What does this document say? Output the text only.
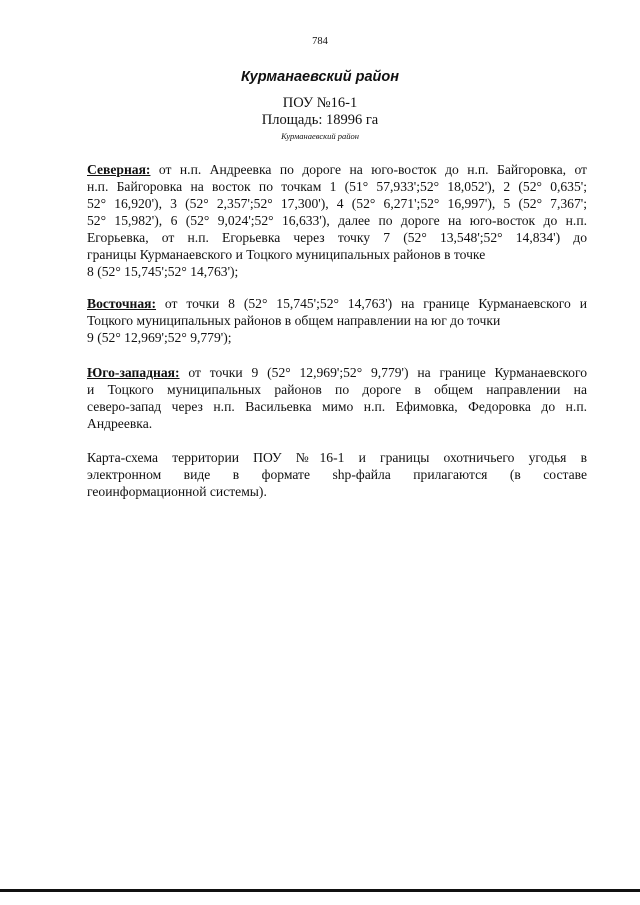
784
Курманаевский район
ПОУ №16-1
Площадь: 18996 га
Курманаевский район
Северная: от н.п. Андреевка по дороге на юго-восток до н.п. Байгоровка, от
н.п. Байгоровка на восток по точкам 1 (51° 57,933';52° 18,052'), 2 (52° 0,635';
52° 16,920'), 3 (52° 2,357';52° 17,300'), 4 (52° 6,271';52° 16,997'), 5 (52° 7,367';
52° 15,982'), 6 (52° 9,024';52° 16,633'), далее по дороге на юго-восток до н.п.
Егорьевка, от н.п. Егорьевка через точку 7 (52° 13,548';52° 14,834') до
границы Курманаевского и Тоцкого муниципальных районов в точке
8 (52° 15,745';52° 14,763');
Восточная: от точки 8 (52° 15,745';52° 14,763') на границе Курманаевского и
Тоцкого муниципальных районов в общем направлении на юг до точки
9 (52° 12,969';52° 9,779');
Юго-западная: от точки 9 (52° 12,969';52° 9,779') на границе Курманаевского
и Тоцкого муниципальных районов по дороге в общем направлении на
северо-запад через н.п. Васильевка мимо н.п. Ефимовка, Федоровка до н.п.
Андреевка.
Карта-схема территории ПОУ №16-1 и границы охотничьего угодья в
электронном виде в формате shp-файла прилагаются (в составе
геоинформационной системы).
